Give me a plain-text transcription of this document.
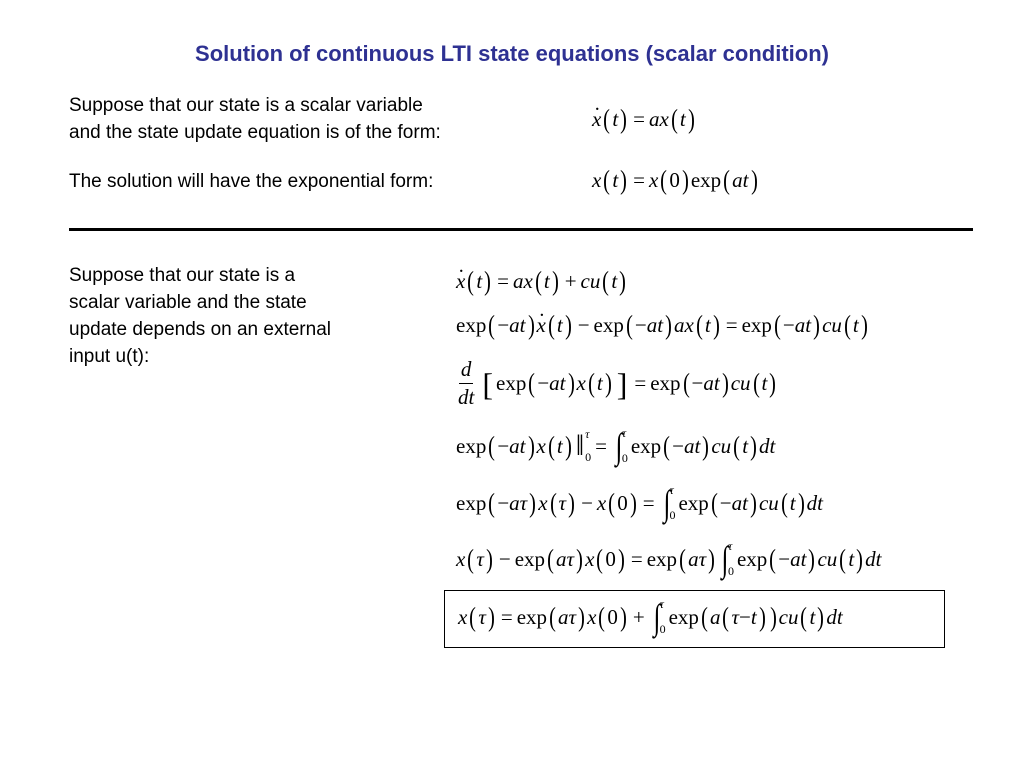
Solution of continuous LTI state equations (scalar condition)
Suppose that our state is a scalar variable
and the state update equation is of the form:
The solution will have the exponential form:
Suppose that our state is a
scalar variable and the state
update depends on an external
input u(t):
. x ( t ) = ax ( t )
x ( t ) = x ( 0 ) exp ( at )
. x ( t ) = ax ( t ) + cu ( t )
exp ( − at )
. x ( t ) − exp ( − at ) ax ( t ) = exp ( − at ) cu ( t )
$\frac{d}{dt}$ [ exp ( − at ) x ( t ) ] = exp ( − at ) cu ( t )
exp ( − at ) x ( t ) ‖ τ
0 = ∫ τ
0
exp ( − at ) cu ( t ) dt
exp ( − aτ ) x ( τ ) − x ( 0 ) = ∫ τ
0
exp ( − at ) cu ( t ) dt
x ( τ ) − exp ( aτ ) x ( 0 ) = exp ( aτ ) ∫ τ
0
exp ( − at ) cu ( t ) dt
x ( τ ) = exp ( aτ ) x ( 0 ) + ∫ τ
0
exp ( a ( τ − t ) ) cu ( t ) dt
